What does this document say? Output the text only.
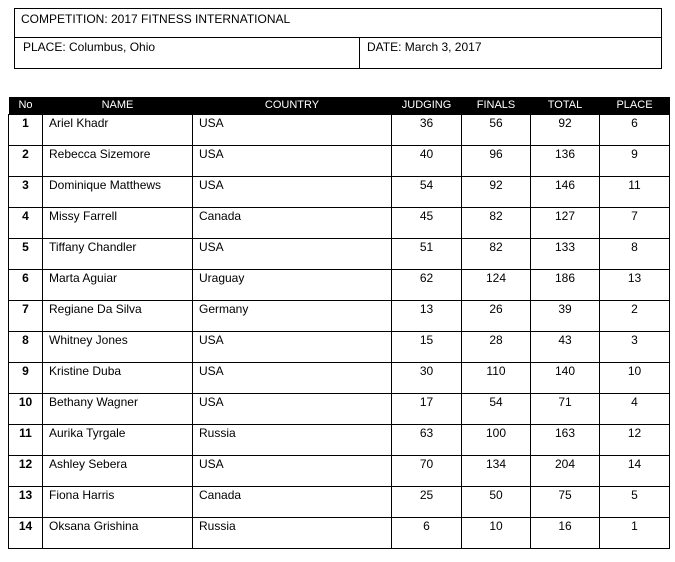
COMPETITION: 2017 FITNESS INTERNATIONAL
PLACE: Columbus, Ohio	DATE: March 3, 2017
No	NAME	COUNTRY	JUDGING	FINALS	TOTAL	PLACE
1	Ariel Khadr	USA	36	56	92	6
2	Rebecca Sizemore	USA	40	96	136	9
3	Dominique Matthews	USA	54	92	146	11
4	Missy Farrell	Canada	45	82	127	7
5	Tiffany Chandler	USA	51	82	133	8
6	Marta Aguiar	Uraguay	62	124	186	13
7	Regiane Da Silva	Germany	13	26	39	2
8	Whitney Jones	USA	15	28	43	3
9	Kristine Duba	USA	30	110	140	10
10	Bethany Wagner	USA	17	54	71	4
11	Aurika Tyrgale	Russia	63	100	163	12
12	Ashley Sebera	USA	70	134	204	14
13	Fiona Harris	Canada	25	50	75	5
14	Oksana Grishina	Russia	6	10	16	1
